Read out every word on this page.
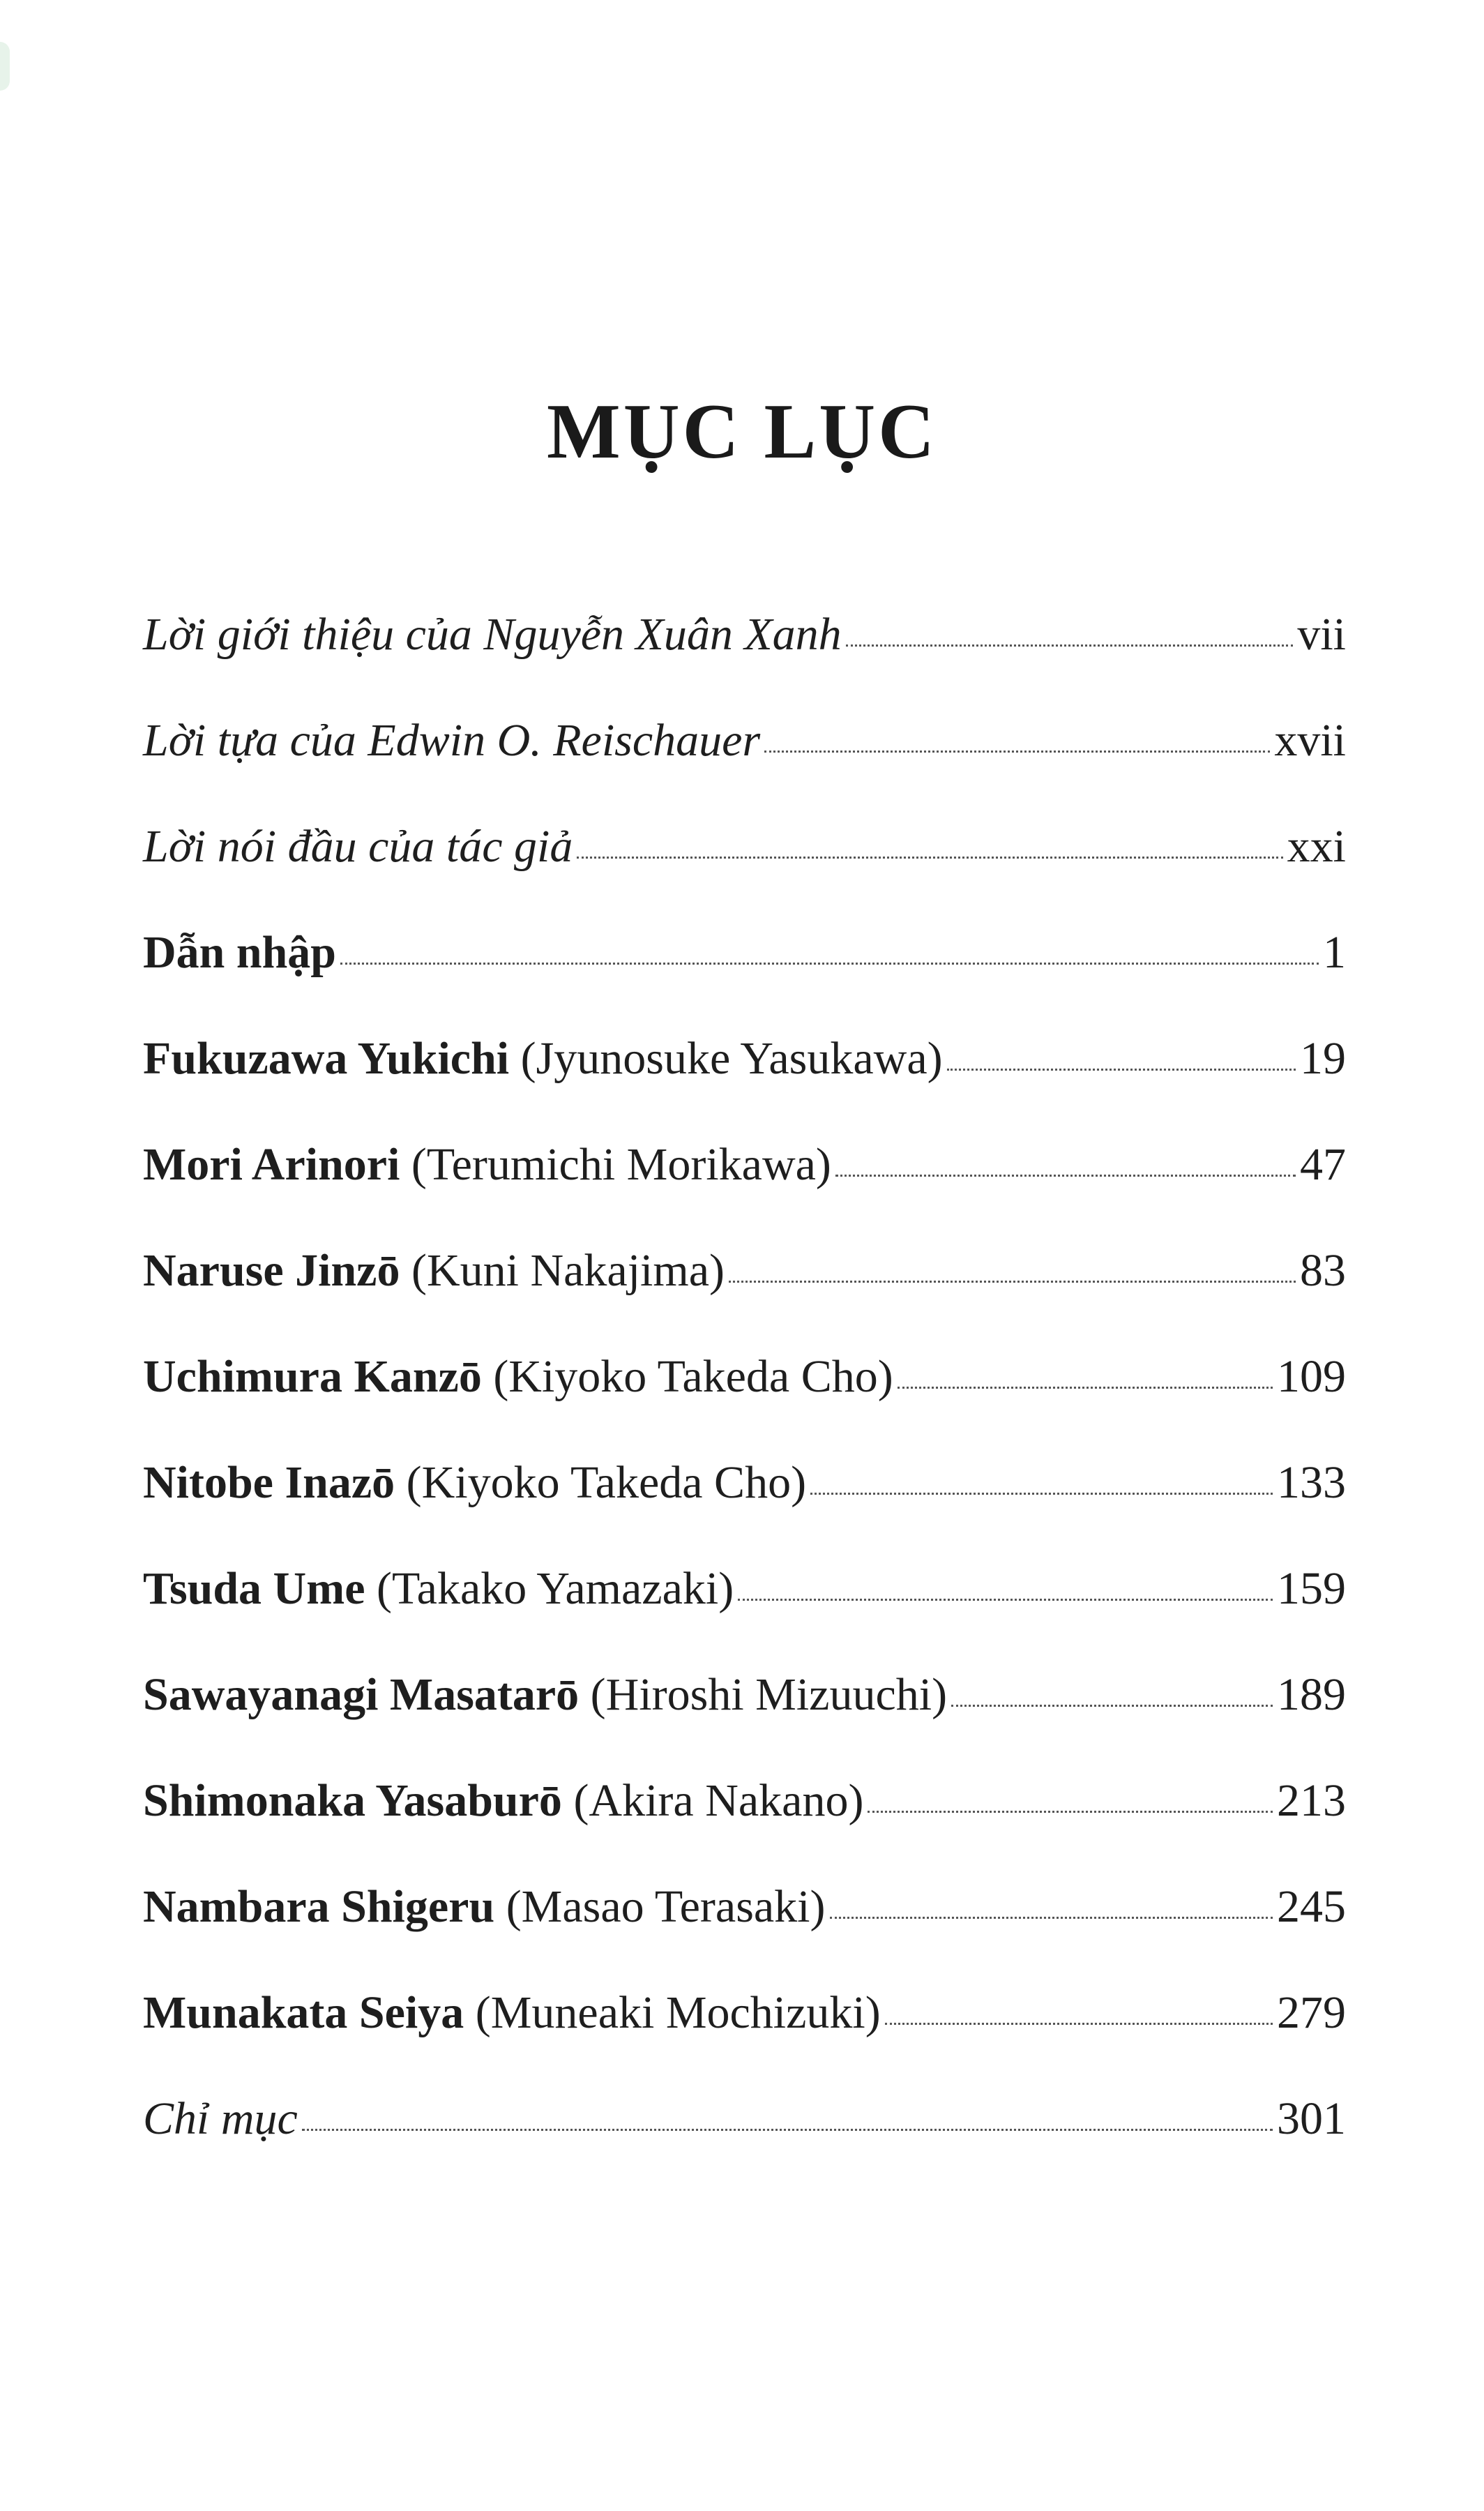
MỤC LỤC
Lời giới thiệu của Nguyễn Xuân Xanh	vii
Lời tựa của Edwin O. Reischauer	xvii
Lời nói đầu của tác giả	xxi
Dẫn nhập	1
Fukuzawa Yukichi (Jyunosuke Yasukawa)	19
Mori Arinori (Terumichi Morikawa)	47
Naruse Jinzō (Kuni Nakajima)	83
Uchimura Kanzō (Kiyoko Takeda Cho)	109
Nitobe Inazō (Kiyoko Takeda Cho)	133
Tsuda Ume (Takako Yamazaki)	159
Sawayanagi Masatarō (Hiroshi Mizuuchi)	189
Shimonaka Yasaburō (Akira Nakano)	213
Nambara Shigeru (Masao Terasaki)	245
Munakata Seiya (Muneaki Mochizuki)	279
Chỉ mục	301
